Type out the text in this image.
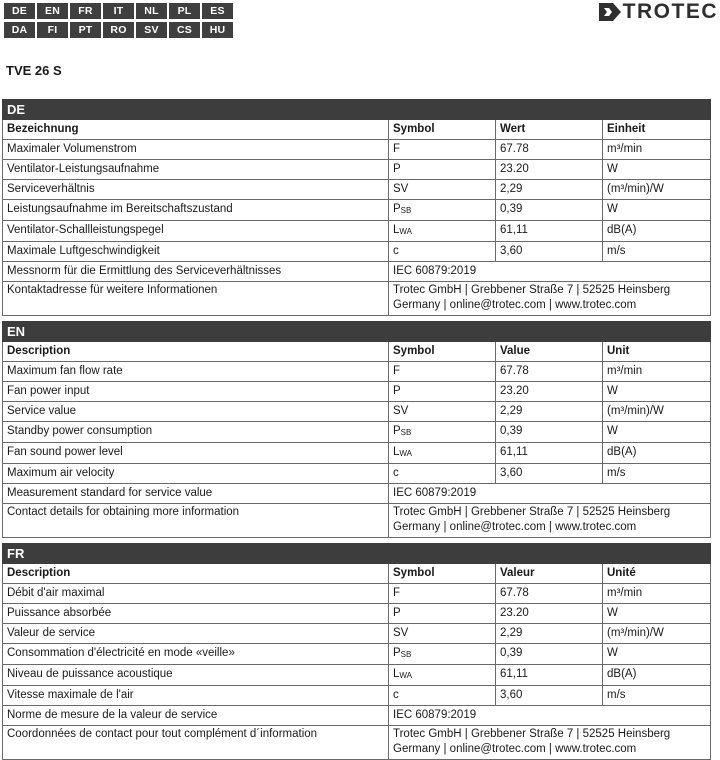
DE	EN	FR	IT	NL	PL	ES
DA	FI	PT	RO	SV	CS	HU
TROTEC
TVE 26 S
DE			
Bezeichnung	Symbol	Wert	Einheit
Maximaler Volumenstrom	F	67.78	m³/min
Ventilator-Leistungsaufnahme	P	23.20	W
Serviceverhältnis	SV	2,29	(m³/min)/W
Leistungsaufnahme im Bereitschaftszustand	$P_{SB}$	0,39	W
Ventilator-Schallleistungspegel	$L_{WA}$	61,11	dB(A)
Maximale Luftgeschwindigkeit	c	3,60	m/s
Messnorm für die Ermittlung des Serviceverhältnisses	IEC 60879:2019		
Kontaktadresse für weitere Informationen	Trotec GmbH | Grebbener Straße 7 | 52525 Heinsberg
Germany | online@trotec.com | www.trotec.com		
EN			
Description	Symbol	Value	Unit
Maximum fan flow rate	F	67.78	m³/min
Fan power input	P	23.20	W
Service value	SV	2,29	(m³/min)/W
Standby power consumption	$P_{SB}$	0,39	W
Fan sound power level	$L_{WA}$	61,11	dB(A)
Maximum air velocity	c	3,60	m/s
Measurement standard for service value	IEC 60879:2019		
Contact details for obtaining more information	Trotec GmbH | Grebbener Straße 7 | 52525 Heinsberg
Germany | online@trotec.com | www.trotec.com		
FR			
Description	Symbol	Valeur	Unité
Débit d'air maximal	F	67.78	m³/min
Puissance absorbée	P	23.20	W
Valeur de service	SV	2,29	(m³/min)/W
Consommation d'électricité en mode «veille»	$P_{SB}$	0,39	W
Niveau de puissance acoustique	$L_{WA}$	61,11	dB(A)
Vitesse maximale de l'air	c	3,60	m/s
Norme de mesure de la valeur de service	IEC 60879:2019		
Coordonnées de contact pour tout complément d´information	Trotec GmbH | Grebbener Straße 7 | 52525 Heinsberg
Germany | online@trotec.com | www.trotec.com		
